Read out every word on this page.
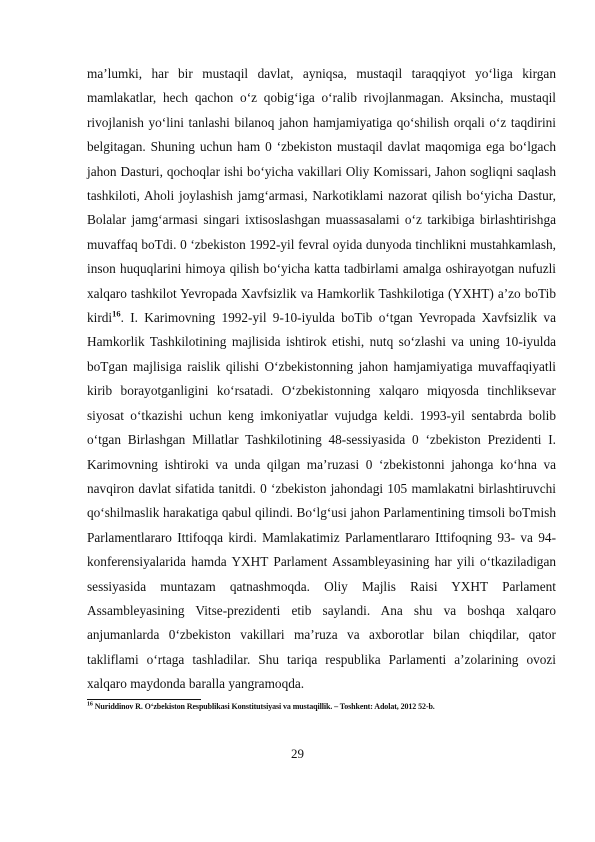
ma’lumki, har bir mustaqil davlat, ayniqsa, mustaqil taraqqiyot yo‘liga kirgan mamlakatlar, hech qachon o‘z qobig‘iga o‘ralib rivojlanmagan. Aksincha, mustaqil rivojlanish yo‘lini tanlashi bilanoq jahon hamjamiyatiga qo‘shilish orqali o‘z taqdirini belgitagan. Shuning uchun ham 0 ‘zbekiston mustaqil davlat maqomiga ega bo‘lgach jahon Dasturi, qochoqlar ishi bo‘yicha vakillari Oliy Komissari, Jahon sogliqni saqlash tashkiloti, Aholi joylashish jamg‘armasi, Narkotiklami nazorat qilish bo‘yicha Dastur, Bolalar jamg‘armasi singari ixtisoslashgan muassasalami o‘z tarkibiga birlashtirishga muvaffaq boTdi. 0 ‘zbekiston 1992-yil fevral oyida dunyoda tinchlikni mustahkamlash, inson huquqlarini himoya qilish bo‘yicha katta tadbirlami amalga oshirayotgan nufuzli xalqaro tashkilot Yevropada Xavfsizlik va Hamkorlik Tashkilotiga (YXHT) a’zo boTib kirdi$^{16}$. I. Karimovning 1992-yil 9-10-iyulda boTib o‘tgan Yevropada Xavfsizlik va Hamkorlik Tashkilotining majlisida ishtirok etishi, nutq so‘zlashi va uning 10-iyulda boTgan majlisiga raislik qilishi O‘zbekistonning jahon hamjamiyatiga muvaffaqiyatli kirib borayotganligini ko‘rsatadi. O‘zbekistonning xalqaro miqyosda tinchliksevar siyosat o‘tkazishi uchun keng imkoniyatlar vujudga keldi. 1993-yil sentabrda bolib o‘tgan Birlashgan Millatlar Tashkilotining 48-sessiyasida 0 ‘zbekiston Prezidenti I. Karimovning ishtiroki va unda qilgan ma’ruzasi 0 ‘zbekistonni jahonga ko‘hna va navqiron davlat sifatida tanitdi. 0 ‘zbekiston jahondagi 105 mamlakatni birlashtiruvchi qo‘shilmaslik harakatiga qabul qilindi. Bo‘lg‘usi jahon Parlamentining timsoli boTmish Parlamentlararo Ittifoqqa kirdi. Mamlakatimiz Parlamentlararo Ittifoqning 93- va 94-konferensiyalarida hamda YXHT Parlament Assambleyasining har yili o‘tkaziladigan sessiyasida muntazam qatnashmoqda. Oliy Majlis Raisi YXHT Parlament Assambleyasining Vitse-prezidenti etib saylandi. Ana shu va boshqa xalqaro anjumanlarda 0‘zbekiston vakillari ma’ruza va axborotlar bilan chiqdilar, qator takliflami o‘rtaga tashladilar. Shu tariqa respublika Parlamenti a’zolarining ovozi xalqaro maydonda baralla yangramoqda.

$^{16}$ Nuriddinov R. O‘zbekiston Respublikasi Konstitutsiyasi va mustaqillik. – Toshkent: Adolat, 2012 52-b.

29
